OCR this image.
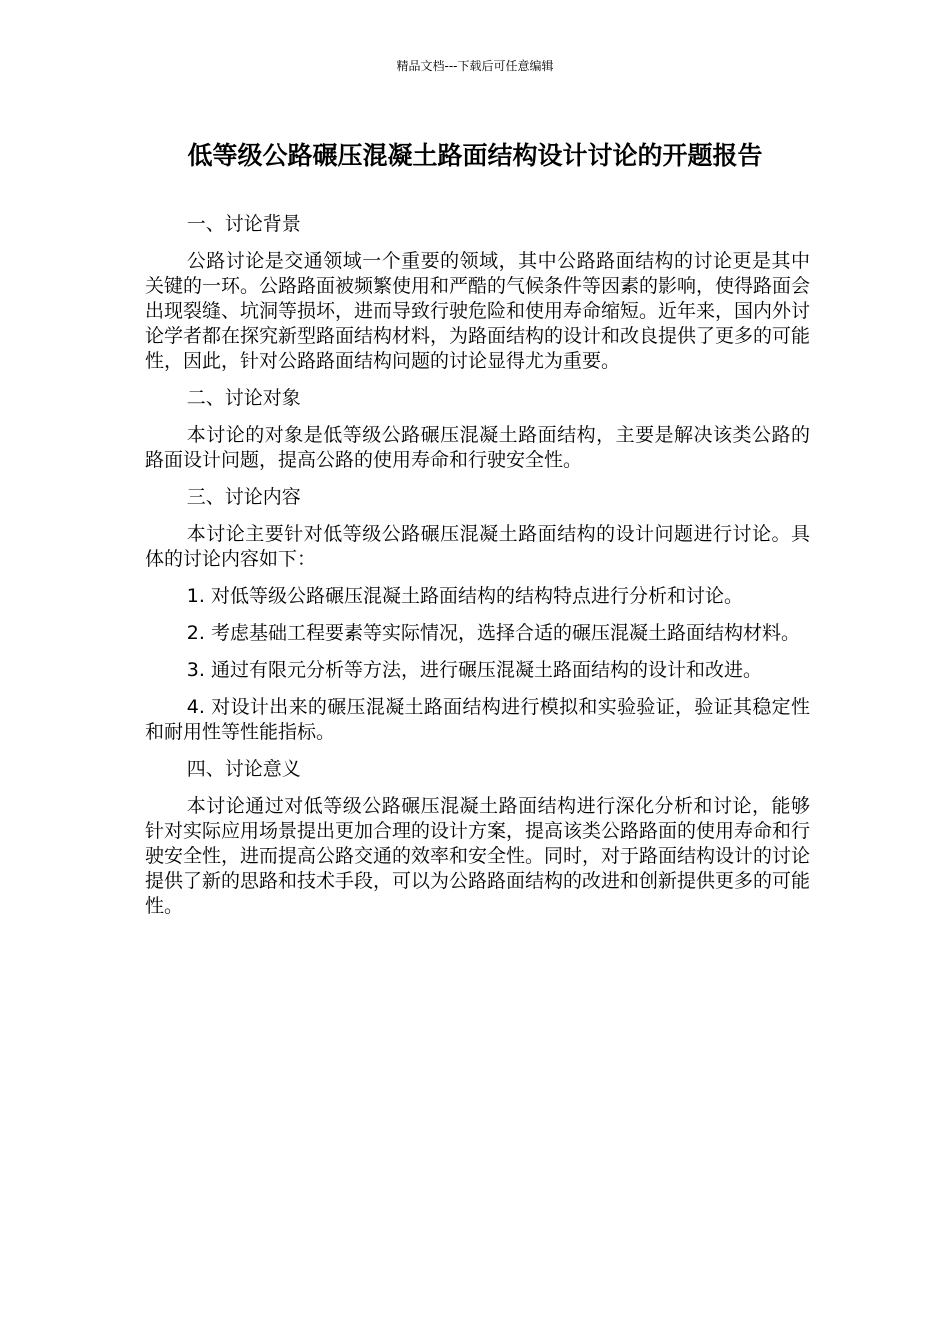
精品文档---下载后可任意编辑
低等级公路碾压混凝土路面结构设计讨论的开题报告

一、讨论背景

公路讨论是交通领域一个重要的领域，其中公路路面结构的讨论更是其中关键的一环。公路路面被频繁使用和严酷的气候条件等因素的影响，使得路面会出现裂缝、坑洞等损坏，进而导致行驶危险和使用寿命缩短。近年来，国内外讨论学者都在探究新型路面结构材料，为路面结构的设计和改良提供了更多的可能性，因此，针对公路路面结构问题的讨论显得尤为重要。

二、讨论对象

本讨论的对象是低等级公路碾压混凝土路面结构，主要是解决该类公路的路面设计问题，提高公路的使用寿命和行驶安全性。

三、讨论内容

本讨论主要针对低等级公路碾压混凝土路面结构的设计问题进行讨论。具体的讨论内容如下：

1. 对低等级公路碾压混凝土路面结构的结构特点进行分析和讨论。

2. 考虑基础工程要素等实际情况，选择合适的碾压混凝土路面结构材料。

3. 通过有限元分析等方法，进行碾压混凝土路面结构的设计和改进。

4. 对设计出来的碾压混凝土路面结构进行模拟和实验验证，验证其稳定性和耐用性等性能指标。

四、讨论意义

本讨论通过对低等级公路碾压混凝土路面结构进行深化分析和讨论，能够针对实际应用场景提出更加合理的设计方案，提高该类公路路面的使用寿命和行驶安全性，进而提高公路交通的效率和安全性。同时，对于路面结构设计的讨论提供了新的思路和技术手段，可以为公路路面结构的改进和创新提供更多的可能性。
